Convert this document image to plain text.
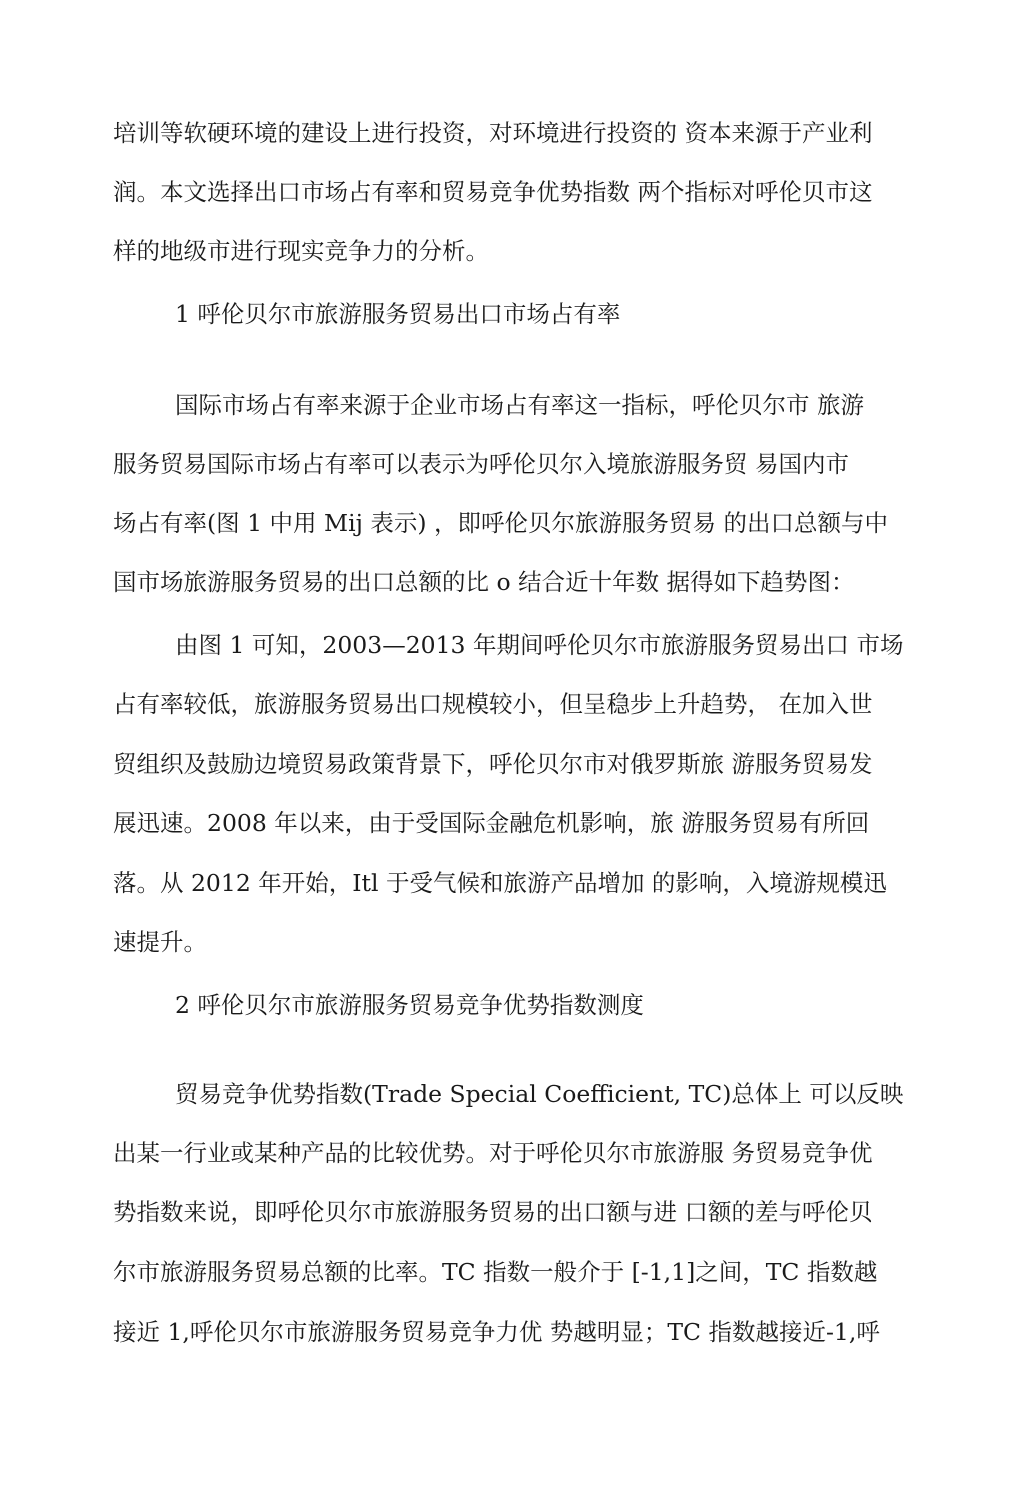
培训等软硬环境的建设上进行投资，对环境进行投资的 资本来源于产业利
润。本文选择出口市场占有率和贸易竞争优势指数 两个指标对呼伦贝市这
样的地级市进行现实竞争力的分析。
1 呼伦贝尔市旅游服务贸易出口市场占有率
国际市场占有率来源于企业市场占有率这一指标，呼伦贝尔市 旅游
服务贸易国际市场占有率可以表示为呼伦贝尔入境旅游服务贸 易国内市
场占有率(图 1 中用 Mij 表示) ，即呼伦贝尔旅游服务贸易 的出口总额与中
国市场旅游服务贸易的出口总额的比 o 结合近十年数 据得如下趋势图：
由图 1 可知，2003—2013 年期间呼伦贝尔市旅游服务贸易出口 市场
占有率较低，旅游服务贸易出口规模较小，但呈稳步上升趋势， 在加入世
贸组织及鼓励边境贸易政策背景下，呼伦贝尔市对俄罗斯旅 游服务贸易发
展迅速。2008 年以来，由于受国际金融危机影响，旅 游服务贸易有所回
落。从 2012 年开始，Itl 于受气候和旅游产品增加 的影响，入境游规模迅
速提升。
2 呼伦贝尔市旅游服务贸易竞争优势指数测度
贸易竞争优势指数(Trade Special Coefficient, TC)总体上 可以反映
出某一行业或某种产品的比较优势。对于呼伦贝尔市旅游服 务贸易竞争优
势指数来说，即呼伦贝尔市旅游服务贸易的出口额与进 口额的差与呼伦贝
尔市旅游服务贸易总额的比率。TC 指数一般介于 [-1,1]之间，TC 指数越
接近 1,呼伦贝尔市旅游服务贸易竞争力优 势越明显；TC 指数越接近-1,呼
